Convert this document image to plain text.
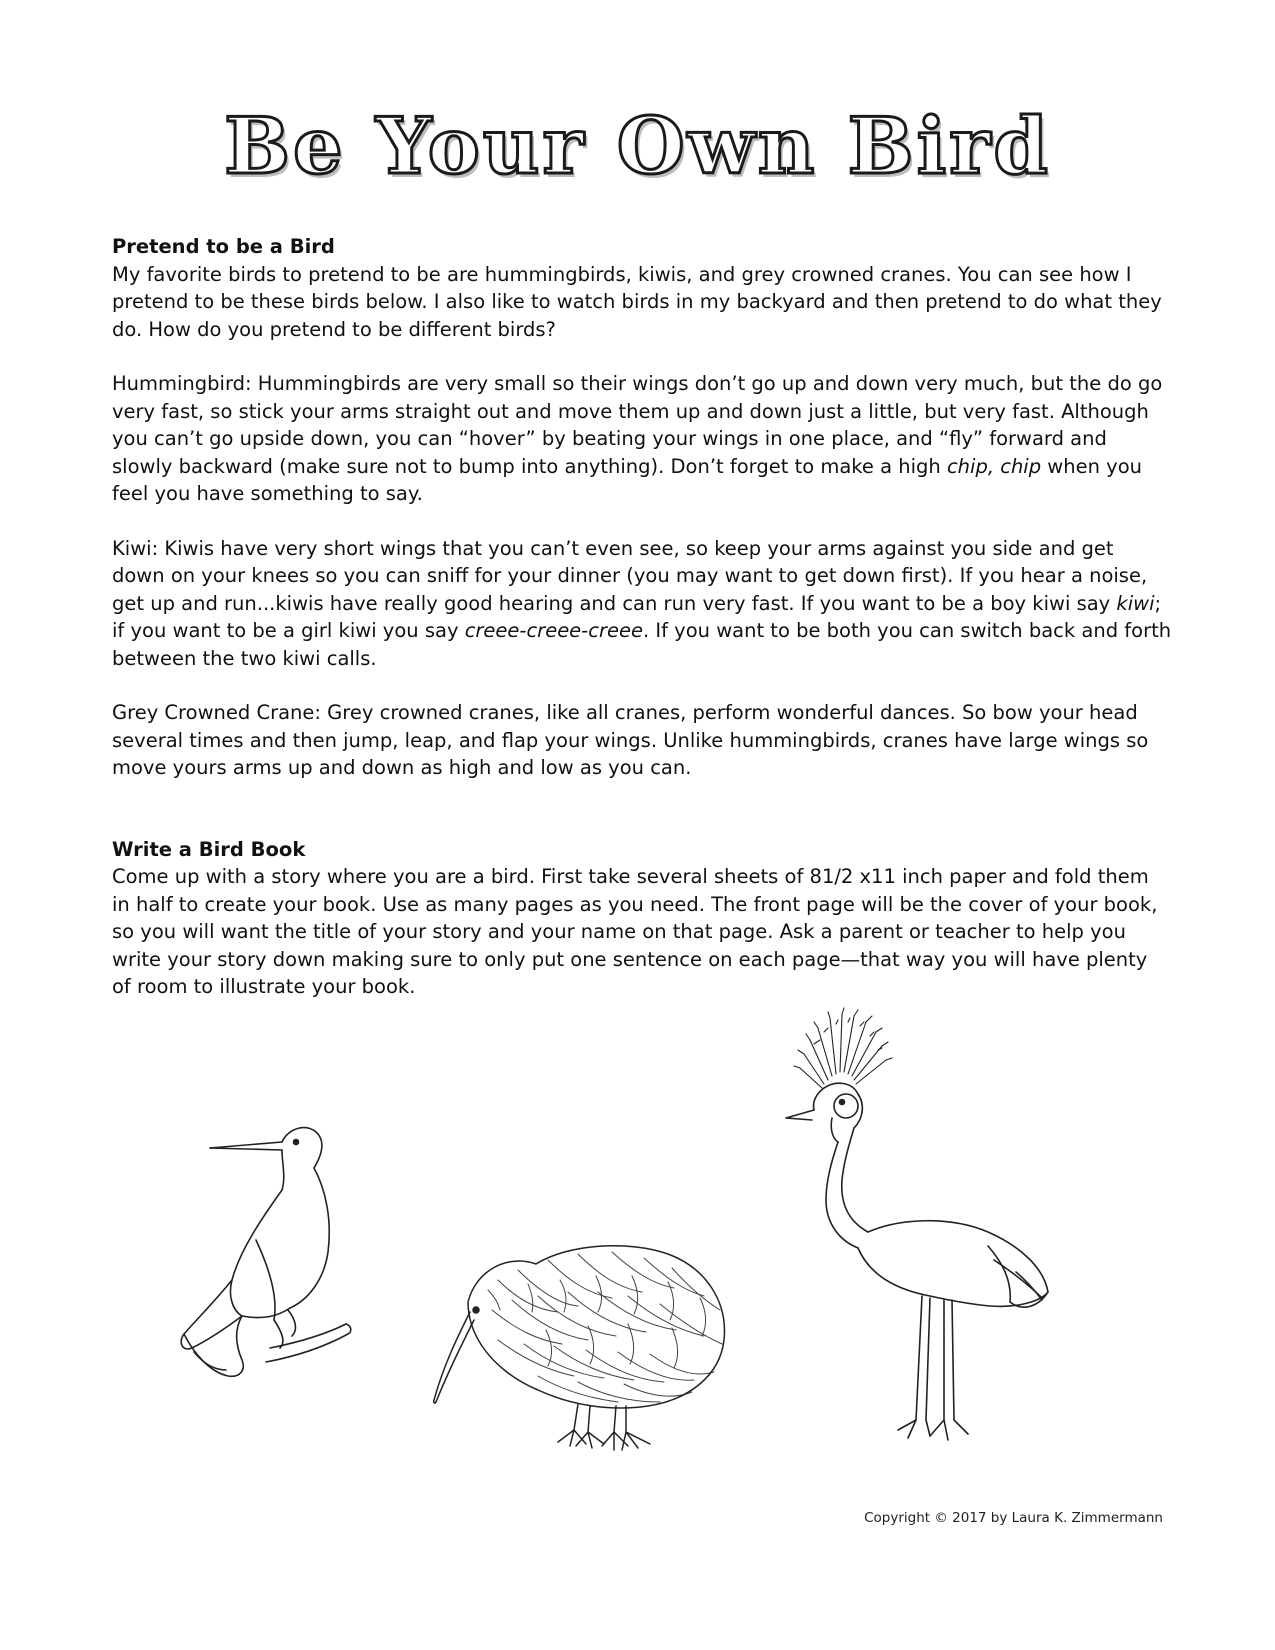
Be Your Own Bird

Pretend to be a Bird

My favorite birds to pretend to be are hummingbirds, kiwis, and grey crowned cranes. You can see how I pretend to be these birds below. I also like to watch birds in my backyard and then pretend to do what they do. How do you pretend to be different birds?

Hummingbird: Hummingbirds are very small so their wings don’t go up and down very much, but the do go very fast, so stick your arms straight out and move them up and down just a little, but very fast. Although you can’t go upside down, you can “hover” by beating your wings in one place, and “fly” forward and slowly backward (make sure not to bump into anything). Don’t forget to make a high chip, chip when you feel you have something to say.

Kiwi: Kiwis have very short wings that you can’t even see, so keep your arms against you side and get down on your knees so you can sniff for your dinner (you may want to get down first). If you hear a noise, get up and run...kiwis have really good hearing and can run very fast. If you want to be a boy kiwi say kiwi; if you want to be a girl kiwi you say creee-creee-creee. If you want to be both you can switch back and forth between the two kiwi calls.

Grey Crowned Crane: Grey crowned cranes, like all cranes, perform wonderful dances. So bow your head several times and then jump, leap, and flap your wings. Unlike hummingbirds, cranes have large wings so move yours arms up and down as high and low as you can.

Write a Bird Book

Come up with a story where you are a bird. First take several sheets of 81/2 x11 inch paper and fold them in half to create your book. Use as many pages as you need. The front page will be the cover of your book, so you will want the title of your story and your name on that page. Ask a parent or teacher to help you write your story down making sure to only put one sentence on each page—that way you will have plenty of room to illustrate your book.

Copyright © 2017 by Laura K. Zimmermann
